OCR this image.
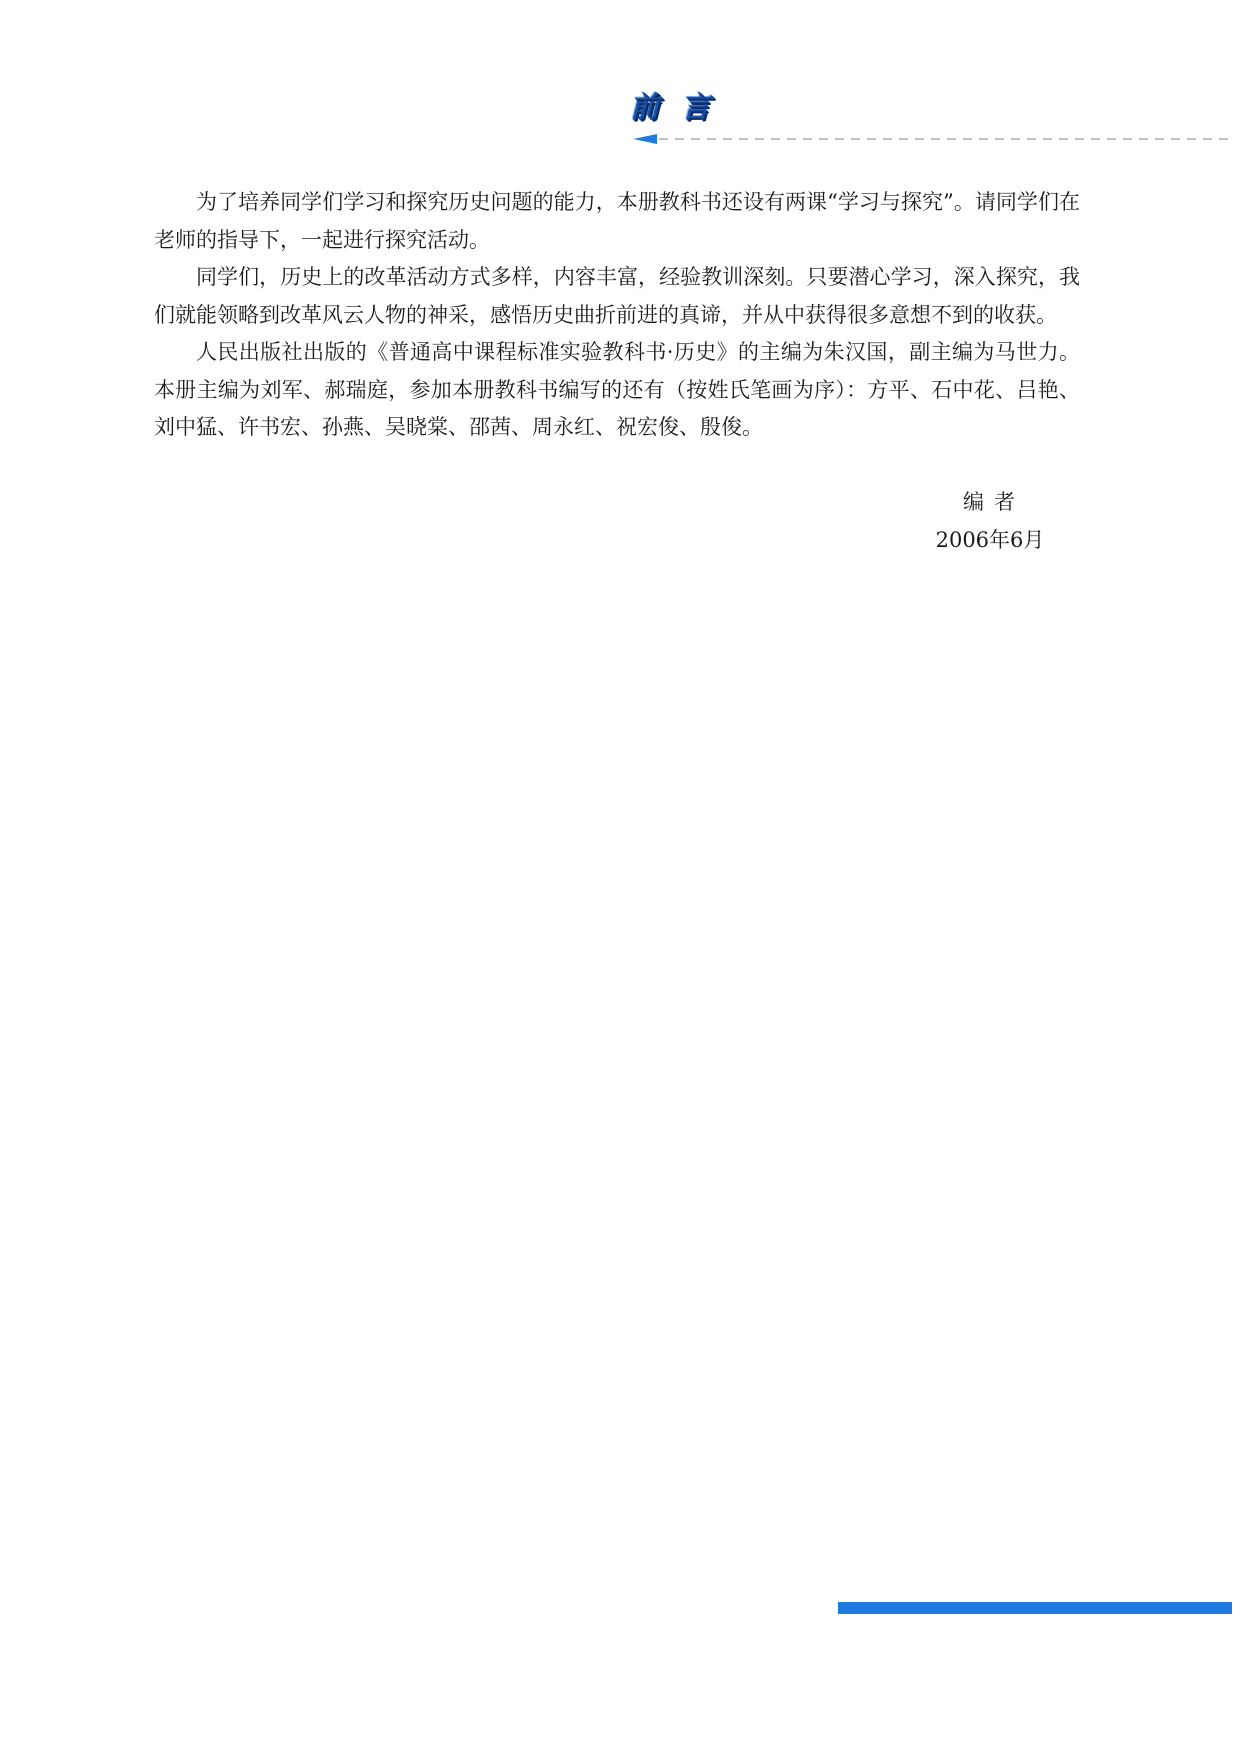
前 言

为了培养同学们学习和探究历史问题的能力，本册教科书还设有两课“学习与探究”。请同学们在老师的指导下，一起进行探究活动。

同学们，历史上的改革活动方式多样，内容丰富，经验教训深刻。只要潜心学习，深入探究，我们就能领略到改革风云人物的神采，感悟历史曲折前进的真谛，并从中获得很多意想不到的收获。

人民出版社出版的《普通高中课程标准实验教科书·历史》的主编为朱汉国，副主编为马世力。本册主编为刘军、郝瑞庭，参加本册教科书编写的还有（按姓氏笔画为序）：方平、石中花、吕艳、刘中猛、许书宏、孙燕、吴晓棠、邵茜、周永红、祝宏俊、殷俊。

编者
2006年6月
